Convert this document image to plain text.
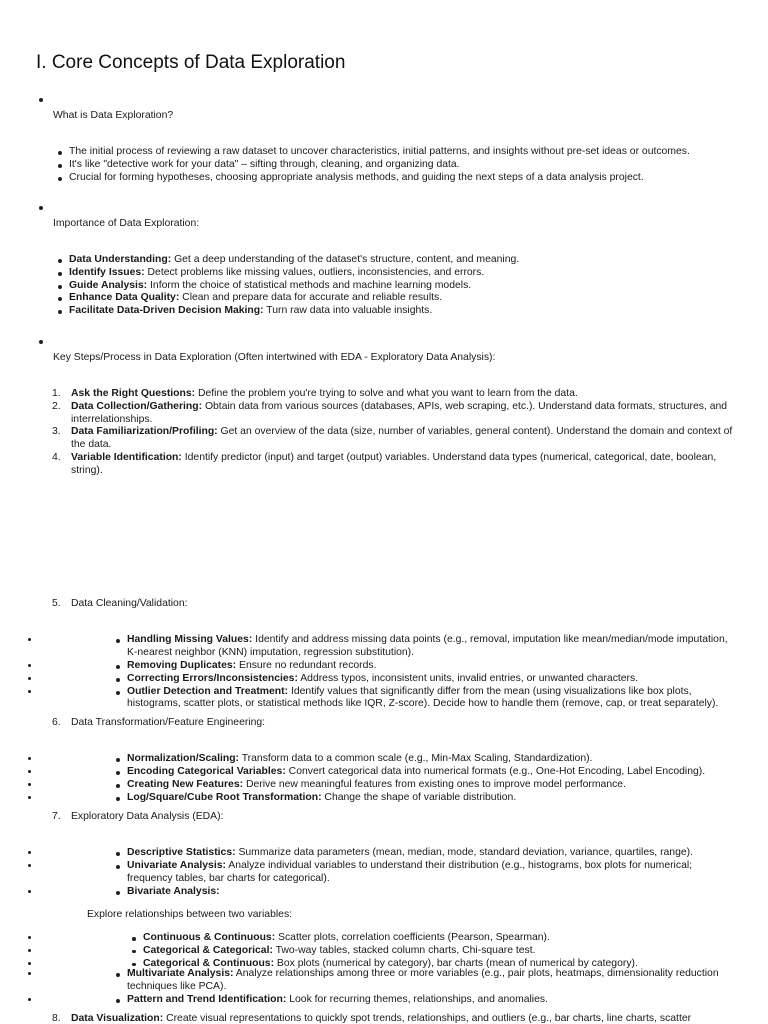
I. Core Concepts of Data Exploration
What is Data Exploration?
The initial process of reviewing a raw dataset to uncover characteristics, initial patterns, and insights without pre-set ideas or outcomes.
It's like "detective work for your data" – sifting through, cleaning, and organizing data.
Crucial for forming hypotheses, choosing appropriate analysis methods, and guiding the next steps of a data analysis project.
Importance of Data Exploration:
Data Understanding: Get a deep understanding of the dataset's structure, content, and meaning.
Identify Issues: Detect problems like missing values, outliers, inconsistencies, and errors.
Guide Analysis: Inform the choice of statistical methods and machine learning models.
Enhance Data Quality: Clean and prepare data for accurate and reliable results.
Facilitate Data-Driven Decision Making: Turn raw data into valuable insights.
Key Steps/Process in Data Exploration (Often intertwined with EDA - Exploratory Data Analysis):
1. Ask the Right Questions: Define the problem you're trying to solve and what you want to learn from the data.
2. Data Collection/Gathering: Obtain data from various sources (databases, APIs, web scraping, etc.). Understand data formats, structures, and interrelationships.
3. Data Familiarization/Profiling: Get an overview of the data (size, number of variables, general content). Understand the domain and context of the data.
4. Variable Identification: Identify predictor (input) and target (output) variables. Understand data types (numerical, categorical, date, boolean, string).
5. Data Cleaning/Validation:
• Handling Missing Values: Identify and address missing data points (e.g., removal, imputation like mean/median/mode imputation, K-nearest neighbor (KNN) imputation, regression substitution).
• Removing Duplicates: Ensure no redundant records.
• Correcting Errors/Inconsistencies: Address typos, inconsistent units, invalid entries, or unwanted characters.
• Outlier Detection and Treatment: Identify values that significantly differ from the mean (using visualizations like box plots, histograms, scatter plots, or statistical methods like IQR, Z-score). Decide how to handle them (remove, cap, or treat separately).
6. Data Transformation/Feature Engineering:
• Normalization/Scaling: Transform data to a common scale (e.g., Min-Max Scaling, Standardization).
• Encoding Categorical Variables: Convert categorical data into numerical formats (e.g., One-Hot Encoding, Label Encoding).
• Creating New Features: Derive new meaningful features from existing ones to improve model performance.
• Log/Square/Cube Root Transformation: Change the shape of variable distribution.
7. Exploratory Data Analysis (EDA):
• Descriptive Statistics: Summarize data parameters (mean, median, mode, standard deviation, variance, quartiles, range).
• Univariate Analysis: Analyze individual variables to understand their distribution (e.g., histograms, box plots for numerical; frequency tables, bar charts for categorical).
• Bivariate Analysis:
Explore relationships between two variables:
• Continuous & Continuous: Scatter plots, correlation coefficients (Pearson, Spearman).
• Categorical & Categorical: Two-way tables, stacked column charts, Chi-square test.
• Categorical & Continuous: Box plots (numerical by category), bar charts (mean of numerical by category).
• Multivariate Analysis: Analyze relationships among three or more variables (e.g., pair plots, heatmaps, dimensionality reduction techniques like PCA).
• Pattern and Trend Identification: Look for recurring themes, relationships, and anomalies.
8. Data Visualization: Create visual representations to quickly spot trends, relationships, and outliers (e.g., bar charts, line charts, scatter
